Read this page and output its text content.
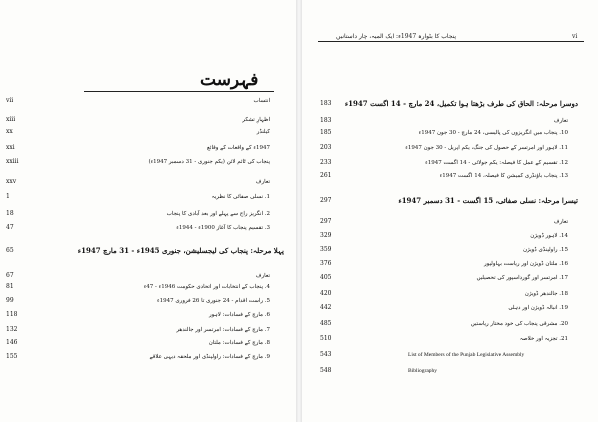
فہرست
انتساب
vii
اظہارِ تشکر
xiii
کیلنڈر
xx
1947ء کے واقعات کے وقائع
xxi
پنجاب کی ٹائم لائن (یکم جنوری - 31 دسمبر 1947ء)
xxiii
تعارف
xxv
1. نسلی صفائی کا نظریہ
1
2. انگریز راج سے پہلے اور بعد آبادی کا پنجاب
18
3. تقسیم پنجاب کا آغاز 1900ء - 1944ء
47
پہلا مرحلہ: پنجاب کی لیجسلیشن، جنوری 1945ء - 31 مارچ 1947ء
65
تعارف
67
4. پنجاب کے انتخابات اور اتحادی حکومت 1946ء - 47ء
81
5. راست اقدام - 24 جنوری تا 26 فروری 1947ء
99
6. مارچ کے فسادات: لاہور
118
7. مارچ کے فسادات: امرتسر اور جالندھر
132
8. مارچ کے فسادات: ملتان
146
9. مارچ کے فسادات: راولپنڈی اور ملحقہ دیہی علاقے
155
پنجاب کا بٹوارہ 1947ء: ایک المیہ، چار داستانیں	vi
دوسرا مرحلہ: الحاق کی طرف بڑھتا ہوا تکمیل، 24 مارچ - 14 اگست 1947ء
183
تعارف
183
10. پنجاب میں انگریزوں کی پالیسی، 24 مارچ - 30 جون 1947ء
185
11. لاہور اور امرتسر کے حصول کی جنگ، یکم اپریل - 30 جون 1947ء
203
12. تقسیم کے عمل کا فیصلہ: یکم جولائی - 14 اگست 1947ء
233
13. پنجاب باؤنڈری کمیشن کا فیصلہ، 14 اگست 1947ء
261
تیسرا مرحلہ: نسلی صفائی، 15 اگست - 31 دسمبر 1947ء
297
تعارف
297
14. لاہور ڈویژن
329
15. راولپنڈی ڈویژن
359
16. ملتان ڈویژن اور ریاست بہاولپور
376
17. امرتسر اور گورداسپور کی تحصیلیں
405
18. جالندھر ڈویژن
420
19. انبالہ ڈویژن اور دہلی
442
20. مشرقی پنجاب کی خود مختار ریاستیں
485
21. تجزیہ اور خلاصہ
510
List of Members of the Punjab Legislative Assembly
543
Bibliography
548
